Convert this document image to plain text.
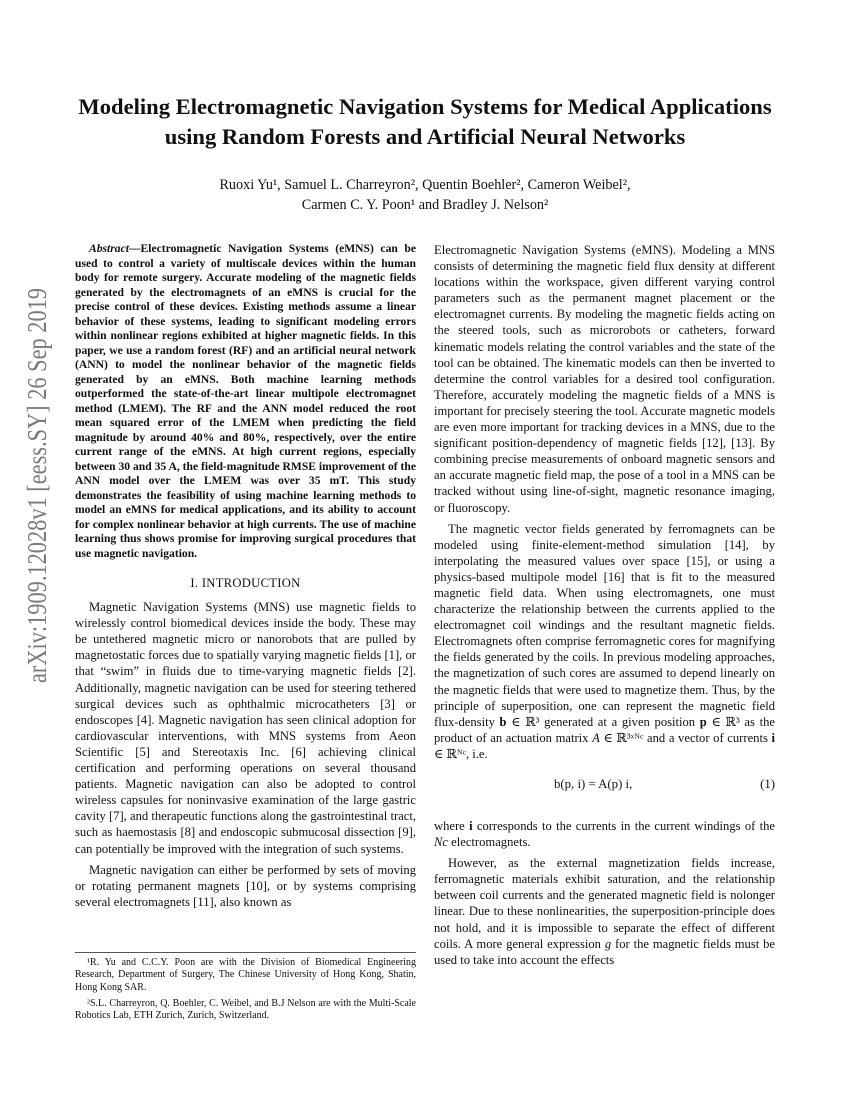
arXiv:1909.12028v1 [eess.SY] 26 Sep 2019
Modeling Electromagnetic Navigation Systems for Medical Applications using Random Forests and Artificial Neural Networks
Ruoxi Yu¹, Samuel L. Charreyron², Quentin Boehler², Cameron Weibel²,
Carmen C. Y. Poon¹ and Bradley J. Nelson²

Abstract—Electromagnetic Navigation Systems (eMNS) can be used to control a variety of multiscale devices within the human body for remote surgery. Accurate modeling of the magnetic fields generated by the electromagnets of an eMNS is crucial for the precise control of these devices. Existing methods assume a linear behavior of these systems, leading to significant modeling errors within nonlinear regions exhibited at higher magnetic fields. In this paper, we use a random forest (RF) and an artificial neural network (ANN) to model the nonlinear behavior of the magnetic fields generated by an eMNS. Both machine learning methods outperformed the state-of-the-art linear multipole electromagnet method (LMEM). The RF and the ANN model reduced the root mean squared error of the LMEM when predicting the field magnitude by around 40% and 80%, respectively, over the entire current range of the eMNS. At high current regions, especially between 30 and 35 A, the field-magnitude RMSE improvement of the ANN model over the LMEM was over 35 mT. This study demonstrates the feasibility of using machine learning methods to model an eMNS for medical applications, and its ability to account for complex nonlinear behavior at high currents. The use of machine learning thus shows promise for improving surgical procedures that use magnetic navigation.

I. INTRODUCTION

Magnetic Navigation Systems (MNS) use magnetic fields to wirelessly control biomedical devices inside the body. These may be untethered magnetic micro or nanorobots that are pulled by magnetostatic forces due to spatially varying magnetic fields [1], or that “swim” in fluids due to time-varying magnetic fields [2]. Additionally, magnetic navigation can be used for steering tethered surgical devices such as ophthalmic microcatheters [3] or endoscopes [4]. Magnetic navigation has seen clinical adoption for cardiovascular interventions, with MNS systems from Aeon Scientific [5] and Stereotaxis Inc. [6] achieving clinical certification and performing operations on several thousand patients. Magnetic navigation can also be adopted to control wireless capsules for noninvasive examination of the large gastric cavity [7], and therapeutic functions along the gastrointestinal tract, such as haemostasis [8] and endoscopic submucosal dissection [9], can potentially be improved with the integration of such systems.

Magnetic navigation can either be performed by sets of moving or rotating permanent magnets [10], or by systems comprising several electromagnets [11], also known as

¹R. Yu and C.C.Y. Poon are with the Division of Biomedical Engineering Research, Department of Surgery, The Chinese University of Hong Kong, Shatin, Hong Kong SAR.
²S.L. Charreyron, Q. Boehler, C. Weibel, and B.J Nelson are with the Multi-Scale Robotics Lab, ETH Zurich, Zurich, Switzerland.

Electromagnetic Navigation Systems (eMNS). Modeling a MNS consists of determining the magnetic field flux density at different locations within the workspace, given different varying control parameters such as the permanent magnet placement or the electromagnet currents. By modeling the magnetic fields acting on the steered tools, such as microrobots or catheters, forward kinematic models relating the control variables and the state of the tool can be obtained. The kinematic models can then be inverted to determine the control variables for a desired tool configuration. Therefore, accurately modeling the magnetic fields of a MNS is important for precisely steering the tool. Accurate magnetic models are even more important for tracking devices in a MNS, due to the significant position-dependency of magnetic fields [12], [13]. By combining precise measurements of onboard magnetic sensors and an accurate magnetic field map, the pose of a tool in a MNS can be tracked without using line-of-sight, magnetic resonance imaging, or fluoroscopy.

The magnetic vector fields generated by ferromagnets can be modeled using finite-element-method simulation [14], by interpolating the measured values over space [15], or using a physics-based multipole model [16] that is fit to the measured magnetic field data. When using electromagnets, one must characterize the relationship between the currents applied to the electromagnet coil windings and the resultant magnetic fields. Electromagnets often comprise ferromagnetic cores for magnifying the fields generated by the coils. In previous modeling approaches, the magnetization of such cores are assumed to depend linearly on the magnetic fields that were used to magnetize them. Thus, by the principle of superposition, one can represent the magnetic field flux-density b ∈ ℝ³ generated at a given position p ∈ ℝ³ as the product of an actuation matrix A ∈ ℝ³ˣᴺᶜ and a vector of currents i ∈ ℝᴺᶜ, i.e.

b(p, i) = A(p) i,	(1)

where i corresponds to the currents in the current windings of the Nc electromagnets.

However, as the external magnetization fields increase, ferromagnetic materials exhibit saturation, and the relationship between coil currents and the generated magnetic field is nolonger linear. Due to these nonlinearities, the superposition-principle does not hold, and it is impossible to separate the effect of different coils. A more general expression g for the magnetic fields must be used to take into account the effects
